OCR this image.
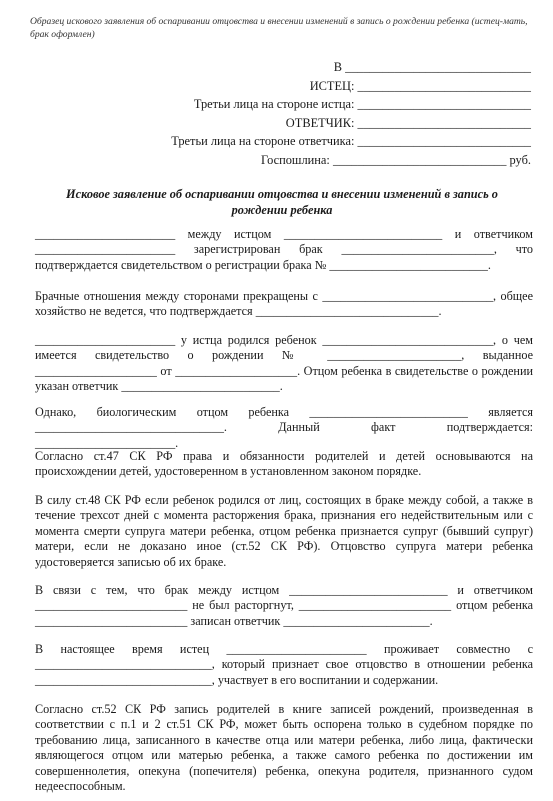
Образец искового заявления об оспаривании отцовства и внесении изменений в запись о рождении ребенка (истец-мать, брак оформлен)
В ______________________________
ИСТЕЦ: ____________________________
Третьи лица на стороне истца: ____________________________
ОТВЕТЧИК: ____________________________
Третьи лица на стороне ответчика: ____________________________
Госпошлина: ____________________________ руб.
Исковое заявление об оспаривании отцовства и внесении изменений в запись о рождении ребенка

_______________________ между истцом __________________________ и ответчиком _______________________ зарегистрирован брак _________________________, что подтверждается свидетельством о регистрации брака № __________________________.

Брачные отношения между сторонами прекращены с ____________________________, общее хозяйство не ведется, что подтверждается ______________________________.

_______________________ у истца родился ребенок ____________________________, о чем имеется свидетельство о рождении № ______________________, выданное ____________________ от ____________________. Отцом ребенка в свидетельстве о рождении указан ответчик __________________________.

Однако, биологическим отцом ребенка __________________________ является _______________________________. Данный факт подтверждается: _______________________.

Согласно ст.47 СК РФ права и обязанности родителей и детей основываются на происхождении детей, удостоверенном в установленном законом порядке.

В силу ст.48 СК РФ если ребенок родился от лиц, состоящих в браке между собой, а также в течение трехсот дней с момента расторжения брака, признания его недействительным или с момента смерти супруга матери ребенка, отцом ребенка признается супруг (бывший супруг) матери, если не доказано иное (ст.52 СК РФ). Отцовство супруга матери ребенка удостоверяется записью об их браке.

В связи с тем, что брак между истцом __________________________ и ответчиком _________________________ не был расторгнут, _________________________ отцом ребенка _________________________ записан ответчик ________________________.

В настоящее время истец _______________________ проживает совместно с _____________________________, который признает свое отцовство в отношении ребенка _____________________________, участвует в его воспитании и содержании.

Согласно ст.52 СК РФ запись родителей в книге записей рождений, произведенная в соответствии с п.1 и 2 ст.51 СК РФ, может быть оспорена только в судебном порядке по требованию лица, записанного в качестве отца или матери ребенка, либо лица, фактически являющегося отцом или матерью ребенка, а также самого ребенка по достижении им совершеннолетия, опекуна (попечителя) ребенка, опекуна родителя, признанного судом недееспособным.
